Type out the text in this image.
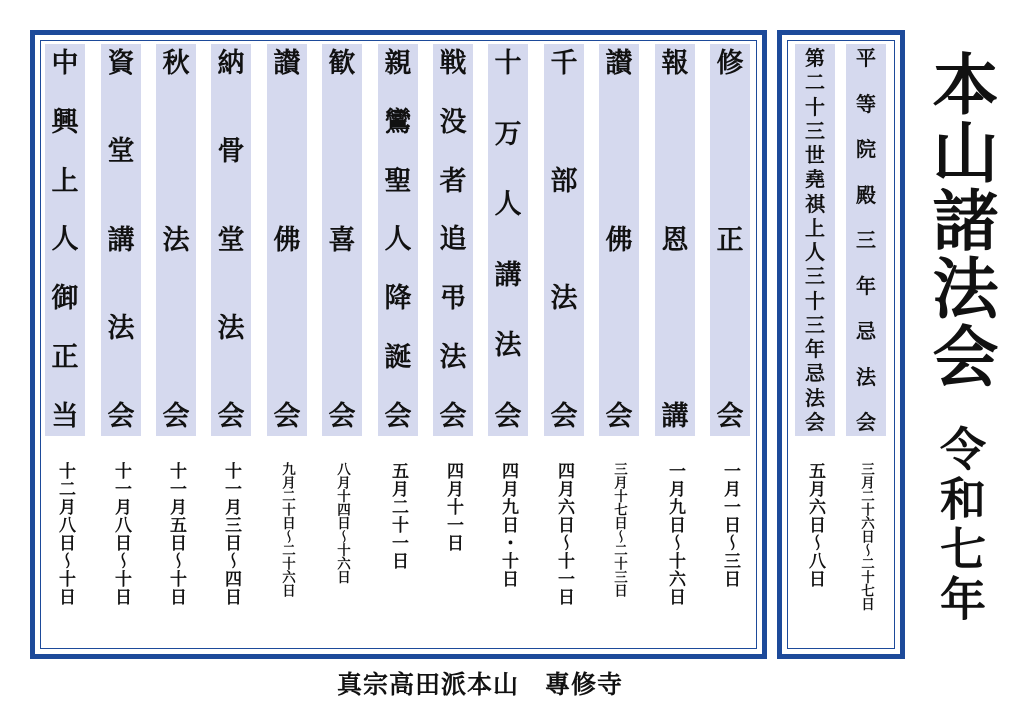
修
正
会
一月一日〜三日
報
恩
講
一月九日〜十六日
讃
佛
会
三月十七日〜二十三日
千
部
法
会
四月六日〜十一日
十
万
人
講
法
会
四月九日・十日
戦
没
者
追
弔
法
会
四月十一日
親
鸞
聖
人
降
誕
会
五月二十一日
歓
喜
会
八月十四日〜十六日
讃
佛
会
九月二十日〜二十六日
納
骨
堂
法
会
十一月三日〜四日
秋
法
会
十一月五日〜十日
資
堂
講
法
会
十一月八日〜十日
中
興
上
人
御
正
当
十二月八日〜十日
平
等
院
殿
三
年
忌
法
会
三月二十六日〜二十七日
第
二
十
三
世
堯
祺
上
人
三
十
三
年
忌
法
会
五月六日〜八日
本山諸法会
令和七年
真宗高田派本山　專修寺
